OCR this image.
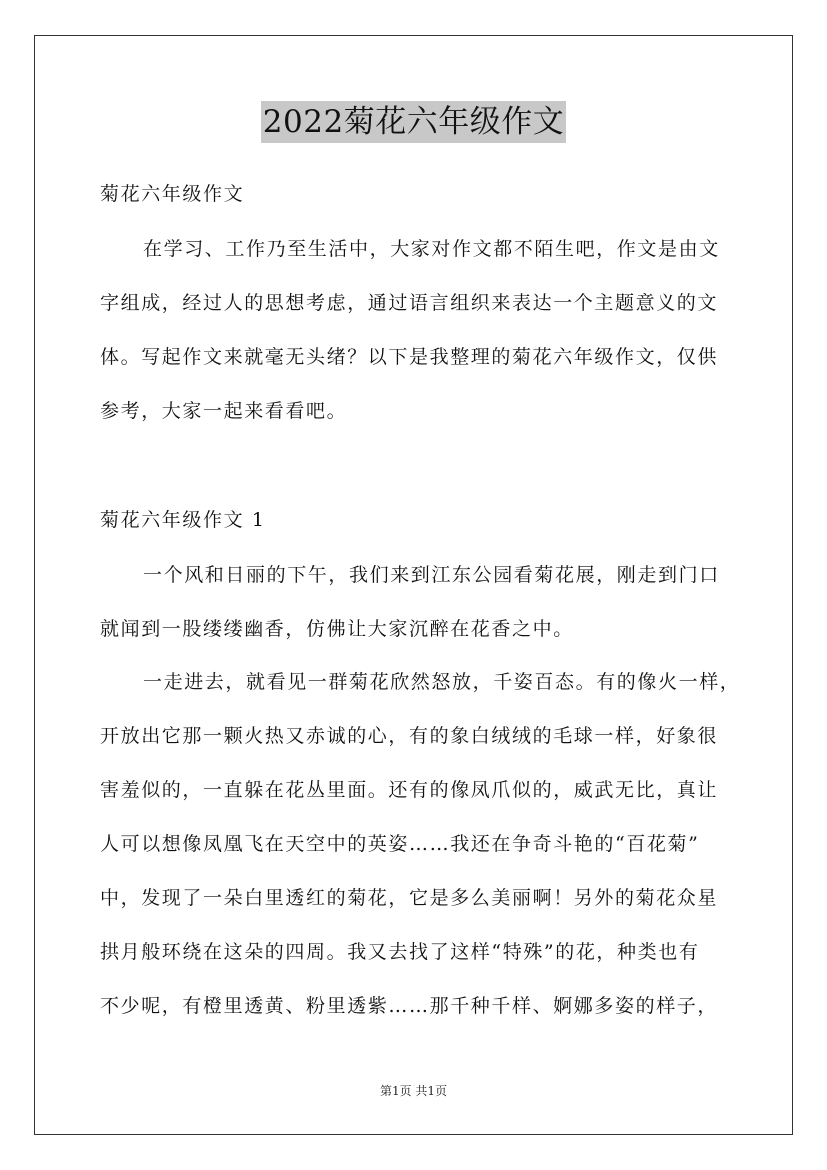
2022菊花六年级作文
菊花六年级作文
在学习、工作乃至生活中，大家对作文都不陌生吧，作文是由文
字组成，经过人的思想考虑，通过语言组织来表达一个主题意义的文
体。写起作文来就毫无头绪？以下是我整理的菊花六年级作文，仅供
参考，大家一起来看看吧。
菊花六年级作文 1
一个风和日丽的下午，我们来到江东公园看菊花展，刚走到门口
就闻到一股缕缕幽香，仿佛让大家沉醉在花香之中。
一走进去，就看见一群菊花欣然怒放，千姿百态。有的像火一样，
开放出它那一颗火热又赤诚的心，有的象白绒绒的毛球一样，好象很
害羞似的，一直躲在花丛里面。还有的像凤爪似的，威武无比，真让
人可以想像凤凰飞在天空中的英姿……我还在争奇斗艳的“百花菊”
中，发现了一朵白里透红的菊花，它是多么美丽啊！另外的菊花众星
拱月般环绕在这朵的四周。我又去找了这样“特殊”的花，种类也有
不少呢，有橙里透黄、粉里透紫……那千种千样、婀娜多姿的样子，
第1页 共1页
